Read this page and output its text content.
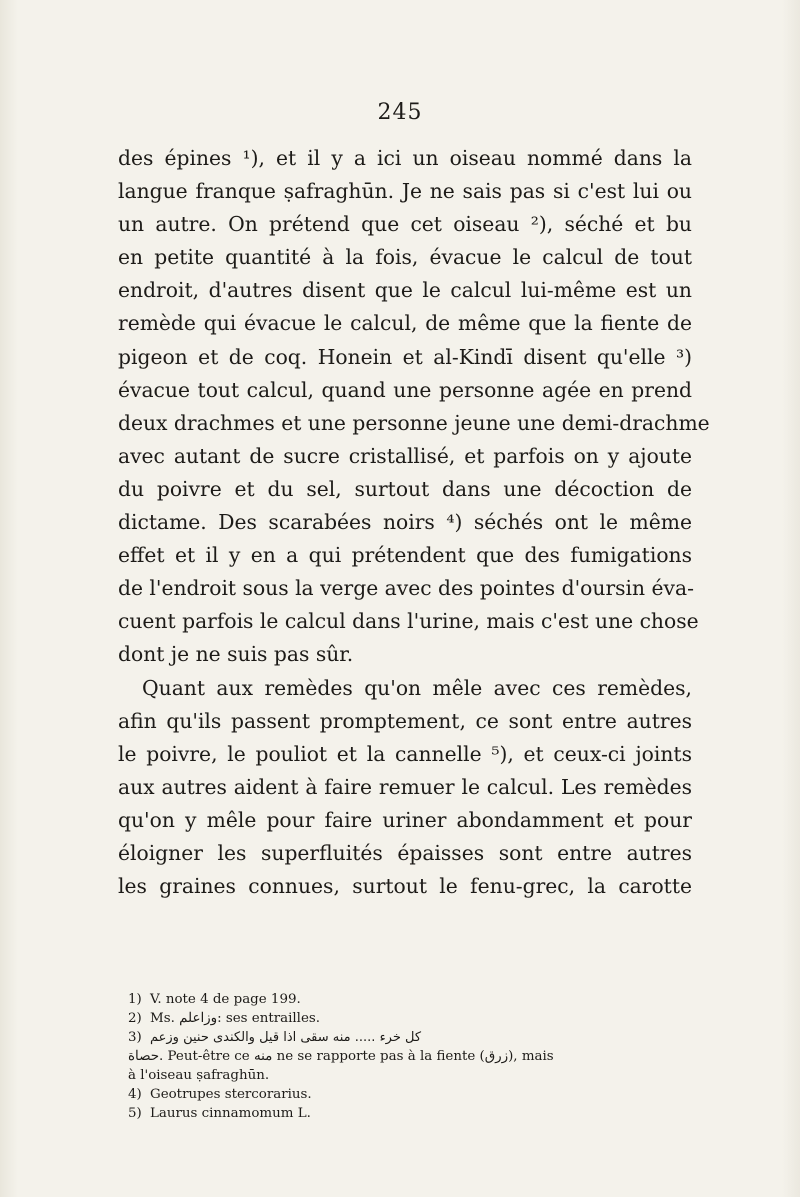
245
des épines ¹), et il y a ici un oiseau nommé dans la
langue franque ṣafraghūn. Je ne sais pas si c'est lui ou
un autre. On prétend que cet oiseau ²), séché et bu
en petite quantité à la fois, évacue le calcul de tout
endroit, d'autres disent que le calcul lui-même est un
remède qui évacue le calcul, de même que la fiente de
pigeon et de coq. Honein et al-Kindī disent qu'elle ³)
évacue tout calcul, quand une personne agée en prend
deux drachmes et une personne jeune une demi-drachme
avec autant de sucre cristallisé, et parfois on y ajoute
du poivre et du sel, surtout dans une décoction de
dictame. Des scarabées noirs ⁴) séchés ont le même
effet et il y en a qui prétendent que des fumigations
de l'endroit sous la verge avec des pointes d'oursin éva-
cuent parfois le calcul dans l'urine, mais c'est une chose
dont je ne suis pas sûr.
Quant aux remèdes qu'on mêle avec ces remèdes,
afin qu'ils passent promptement, ce sont entre autres
le poivre, le pouliot et la cannelle ⁵), et ceux-ci joints
aux autres aident à faire remuer le calcul. Les remèdes
qu'on y mêle pour faire uriner abondamment et pour
éloigner les superfluités épaisses sont entre autres
les graines connues, surtout le fenu-grec, la carotte
1) V. note 4 de page 199.
2) Ms. ‏وزاعلم‎: ses entrailles.
3)	‏ﻛﻞ ﺧﺮﺀ ..... ﻣﻨﻪ ﺳﻘﻰ ﺍﺫﺍ ﻗﻴﻞ ﻭﺍﻟﻜﻨﺪﻯ ﺣﻨﻴﻦ ﻭﺯﻋﻢ‎
‏ﺣﺼﺎﺓ‎. Peut-être ce ‏ﻣﻨﻪ‎ ne se rapporte pas à la fiente (‏ﺯﺭﻕ‎), mais
à l'oiseau ṣafraghūn.
4) Geotrupes stercorarius.
5) Laurus cinnamomum L.
